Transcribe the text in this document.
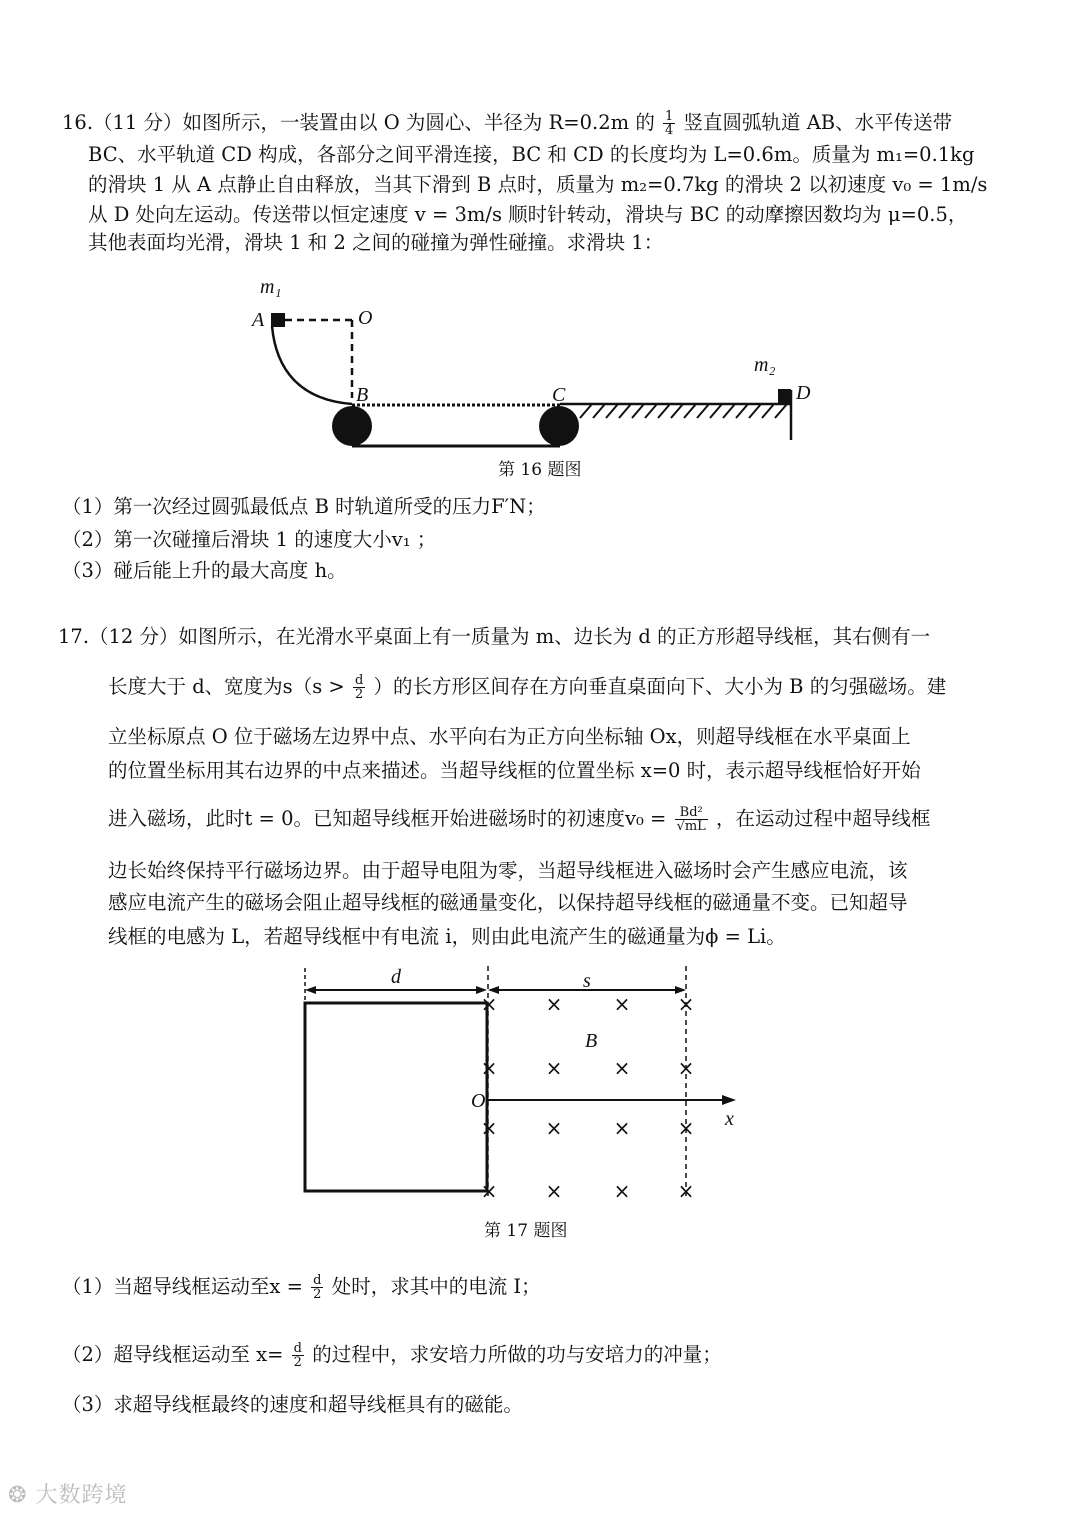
16.（11 分）如图所示，一装置由以 O 为圆心、半径为 R=0.2m 的 $\frac{1}{4}$ 竖直圆弧轨道 AB、水平传送带
BC、水平轨道 CD 构成，各部分之间平滑连接，BC 和 CD 的长度均为 L=0.6m。质量为 m₁=0.1kg
的滑块 1 从 A 点静止自由释放，当其下滑到 B 点时，质量为 m₂=0.7kg 的滑块 2 以初速度 v₀ = 1m/s
从 D 处向左运动。传送带以恒定速度 v = 3m/s 顺时针转动，滑块与 BC 的动摩擦因数均为 μ=0.5，
其他表面均光滑，滑块 1 和 2 之间的碰撞为弹性碰撞。求滑块 1：
m₁
A	O
B	C
m₂
D
第 16 题图
（1）第一次经过圆弧最低点 B 时轨道所受的压力F′N；
（2）第一次碰撞后滑块 1 的速度大小v₁ ；
（3）碰后能上升的最大高度 h。
17.（12 分）如图所示，在光滑水平桌面上有一质量为 m、边长为 d 的正方形超导线框，其右侧有一
长度大于 d、宽度为$s(s > \frac{d}{2}$ ）的长方形区间存在方向垂直桌面向下、大小为 B 的匀强磁场。建
立坐标原点 O 位于磁场左边界中点、水平向右为正方向坐标轴 Ox，则超导线框在水平桌面上
的位置坐标用其右边界的中点来描述。当超导线框的位置坐标 x=0 时，表示超导线框恰好开始
进入磁场，此时t = 0。已知超导线框开始进磁场时的初速度$v_0 = \frac{\text{Bd²}}{√mL}$ ，在运动过程中超导线框
边长始终保持平行磁场边界。由于超导电阻为零，当超导线框进入磁场时会产生感应电流，该
感应电流产生的磁场会阻止超导线框的磁通量变化，以保持超导线框的磁通量不变。已知超导
线框的电感为 L，若超导线框中有电流 i，则由此电流产生的磁通量为ϕ = Li。
× ×	× ×
× ×	× ×
× ×	× ×
× ×	× ×
d	s
B
O
x
第 17 题图
（1）当超导线框运动至$x = \frac{d}{2}$ 处时，求其中的电流 I；
（2）超导线框运动至 $x= \frac{d}{2}$ 的过程中，求安培力所做的功与安培力的冲量；
（3）求超导线框最终的速度和超导线框具有的磁能。
❂ 大数跨境
